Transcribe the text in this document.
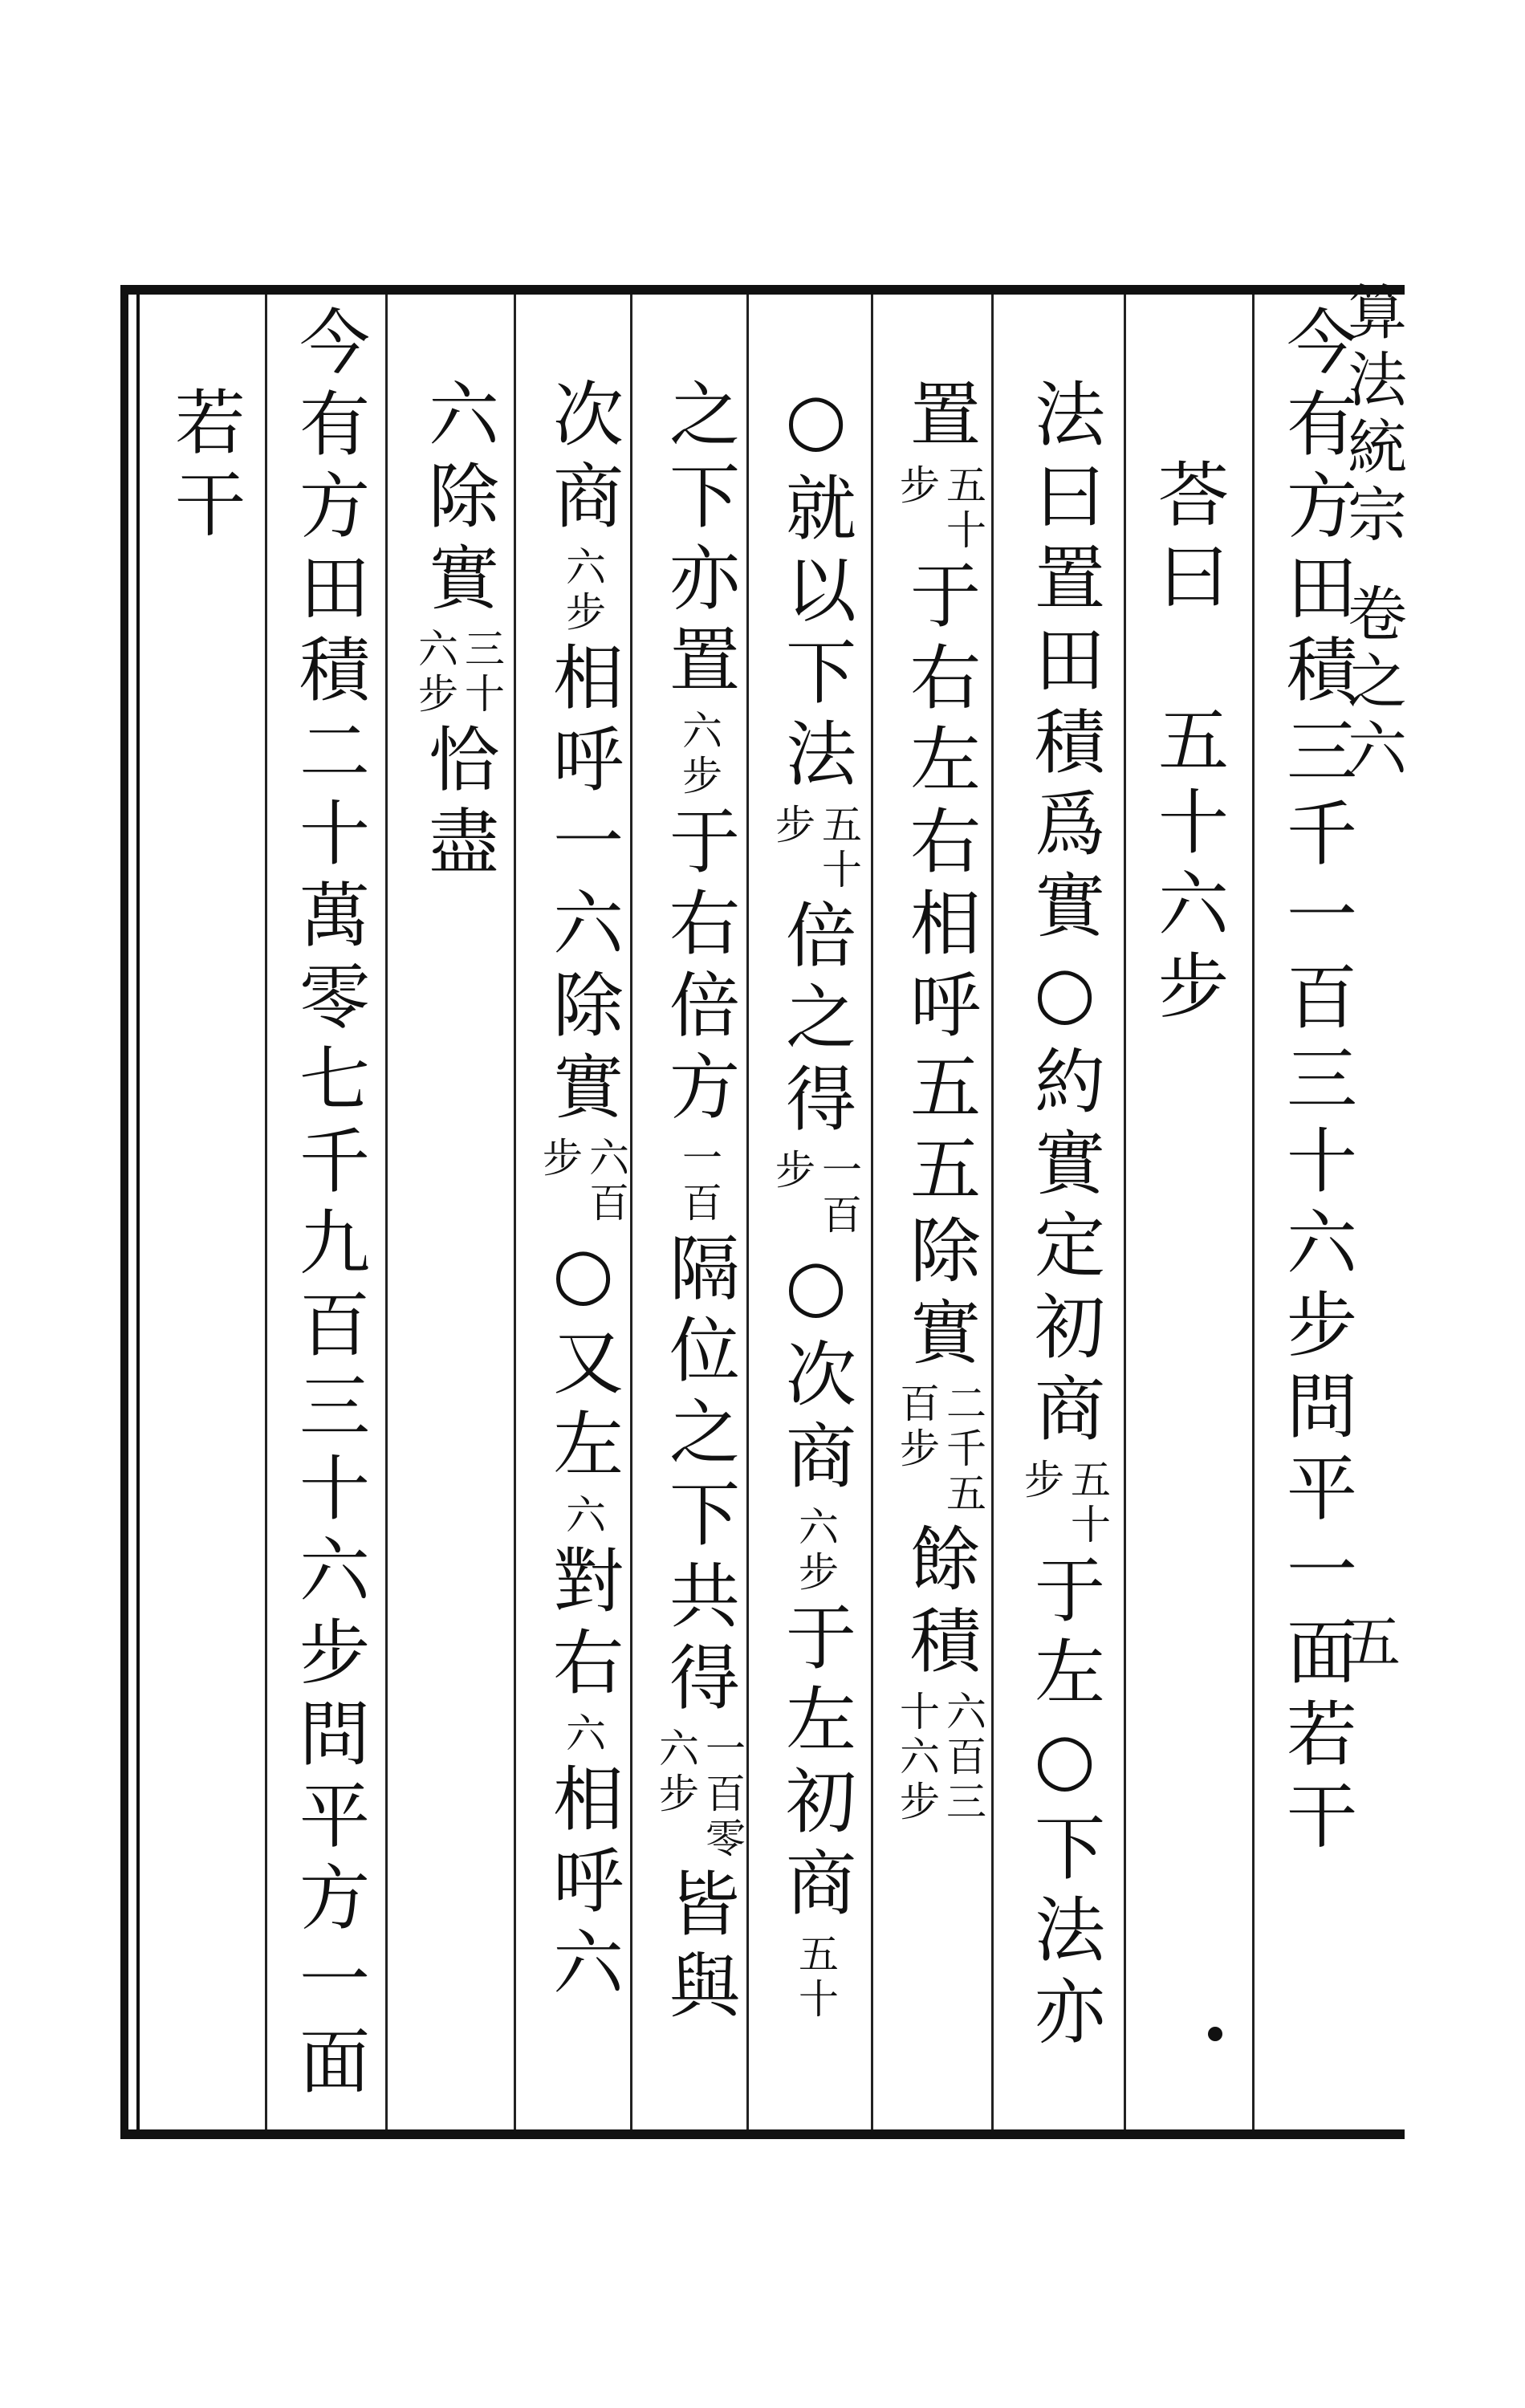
算法統宗
卷之六
五
今有方田積三千一百三十六步問平一面若干
荅曰　五十六步
法曰置田積爲實○約實定初商
五十
步
于左○下法亦
置
五十
步
于右左右相呼五五除實
二千五
百步
餘積
六百三
十六步
○就以下法
五十
步
倍之得
一百
步
○次商
六步
于左初商
五十
之下亦置
六步
于右倍方
一百
隔位之下共得
一百零
六步
皆與
次商
六步
相呼一六除實
六百
步
○又左
六
對右
六
相呼六
六除實
三十
六步
恰盡
今有方田積二十萬零七千九百三十六步問平方一面
若干
